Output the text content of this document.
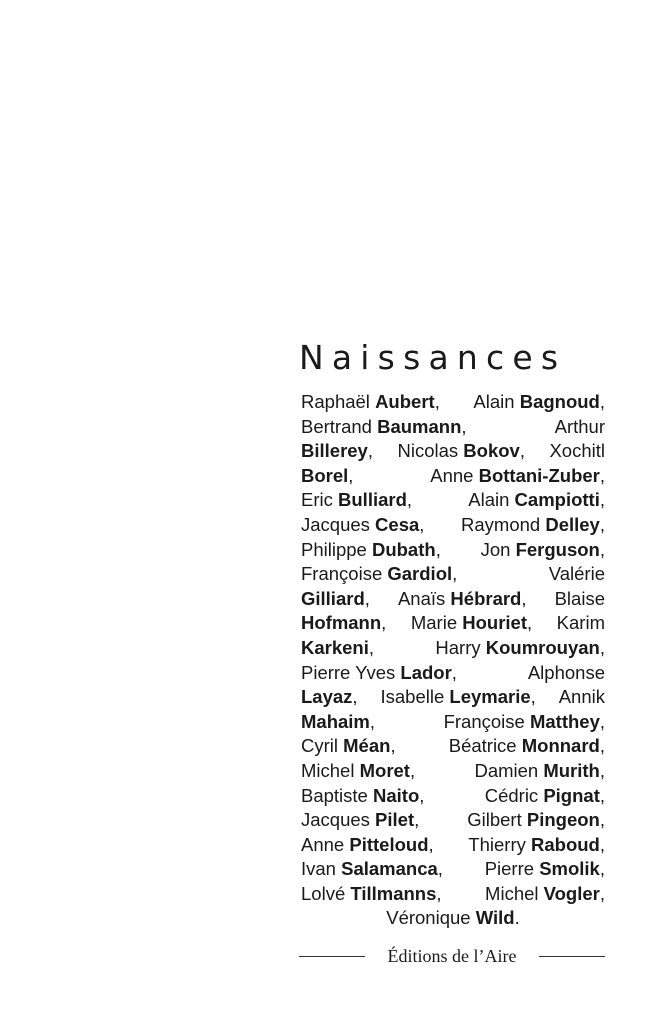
Naissances
Raphaël Aubert, Alain Bagnoud,
Bertrand Baumann,	Arthur
Billerey, Nicolas Bokov, Xochitl
Borel,	Anne Bottani-Zuber,
Eric Bulliard,	Alain Campiotti,
Jacques Cesa, Raymond Delley,
Philippe Dubath, Jon Ferguson,
Françoise Gardiol,	Valérie
Gilliard, Anaïs Hébrard, Blaise
Hofmann, Marie Houriet, Karim
Karkeni,	Harry Koumrouyan,
Pierre Yves Lador,	Alphonse
Layaz, Isabelle Leymarie, Annik
Mahaim,	Françoise Matthey,
Cyril Méan,	Béatrice Monnard,
Michel Moret,	Damien Murith,
Baptiste Naito,	Cédric Pignat,
Jacques Pilet,	Gilbert Pingeon,
Anne Pitteloud, Thierry Raboud,
Ivan Salamanca, Pierre Smolik,
Lolvé Tillmanns, Michel Vogler,
Véronique Wild.
Éditions de l’Aire
